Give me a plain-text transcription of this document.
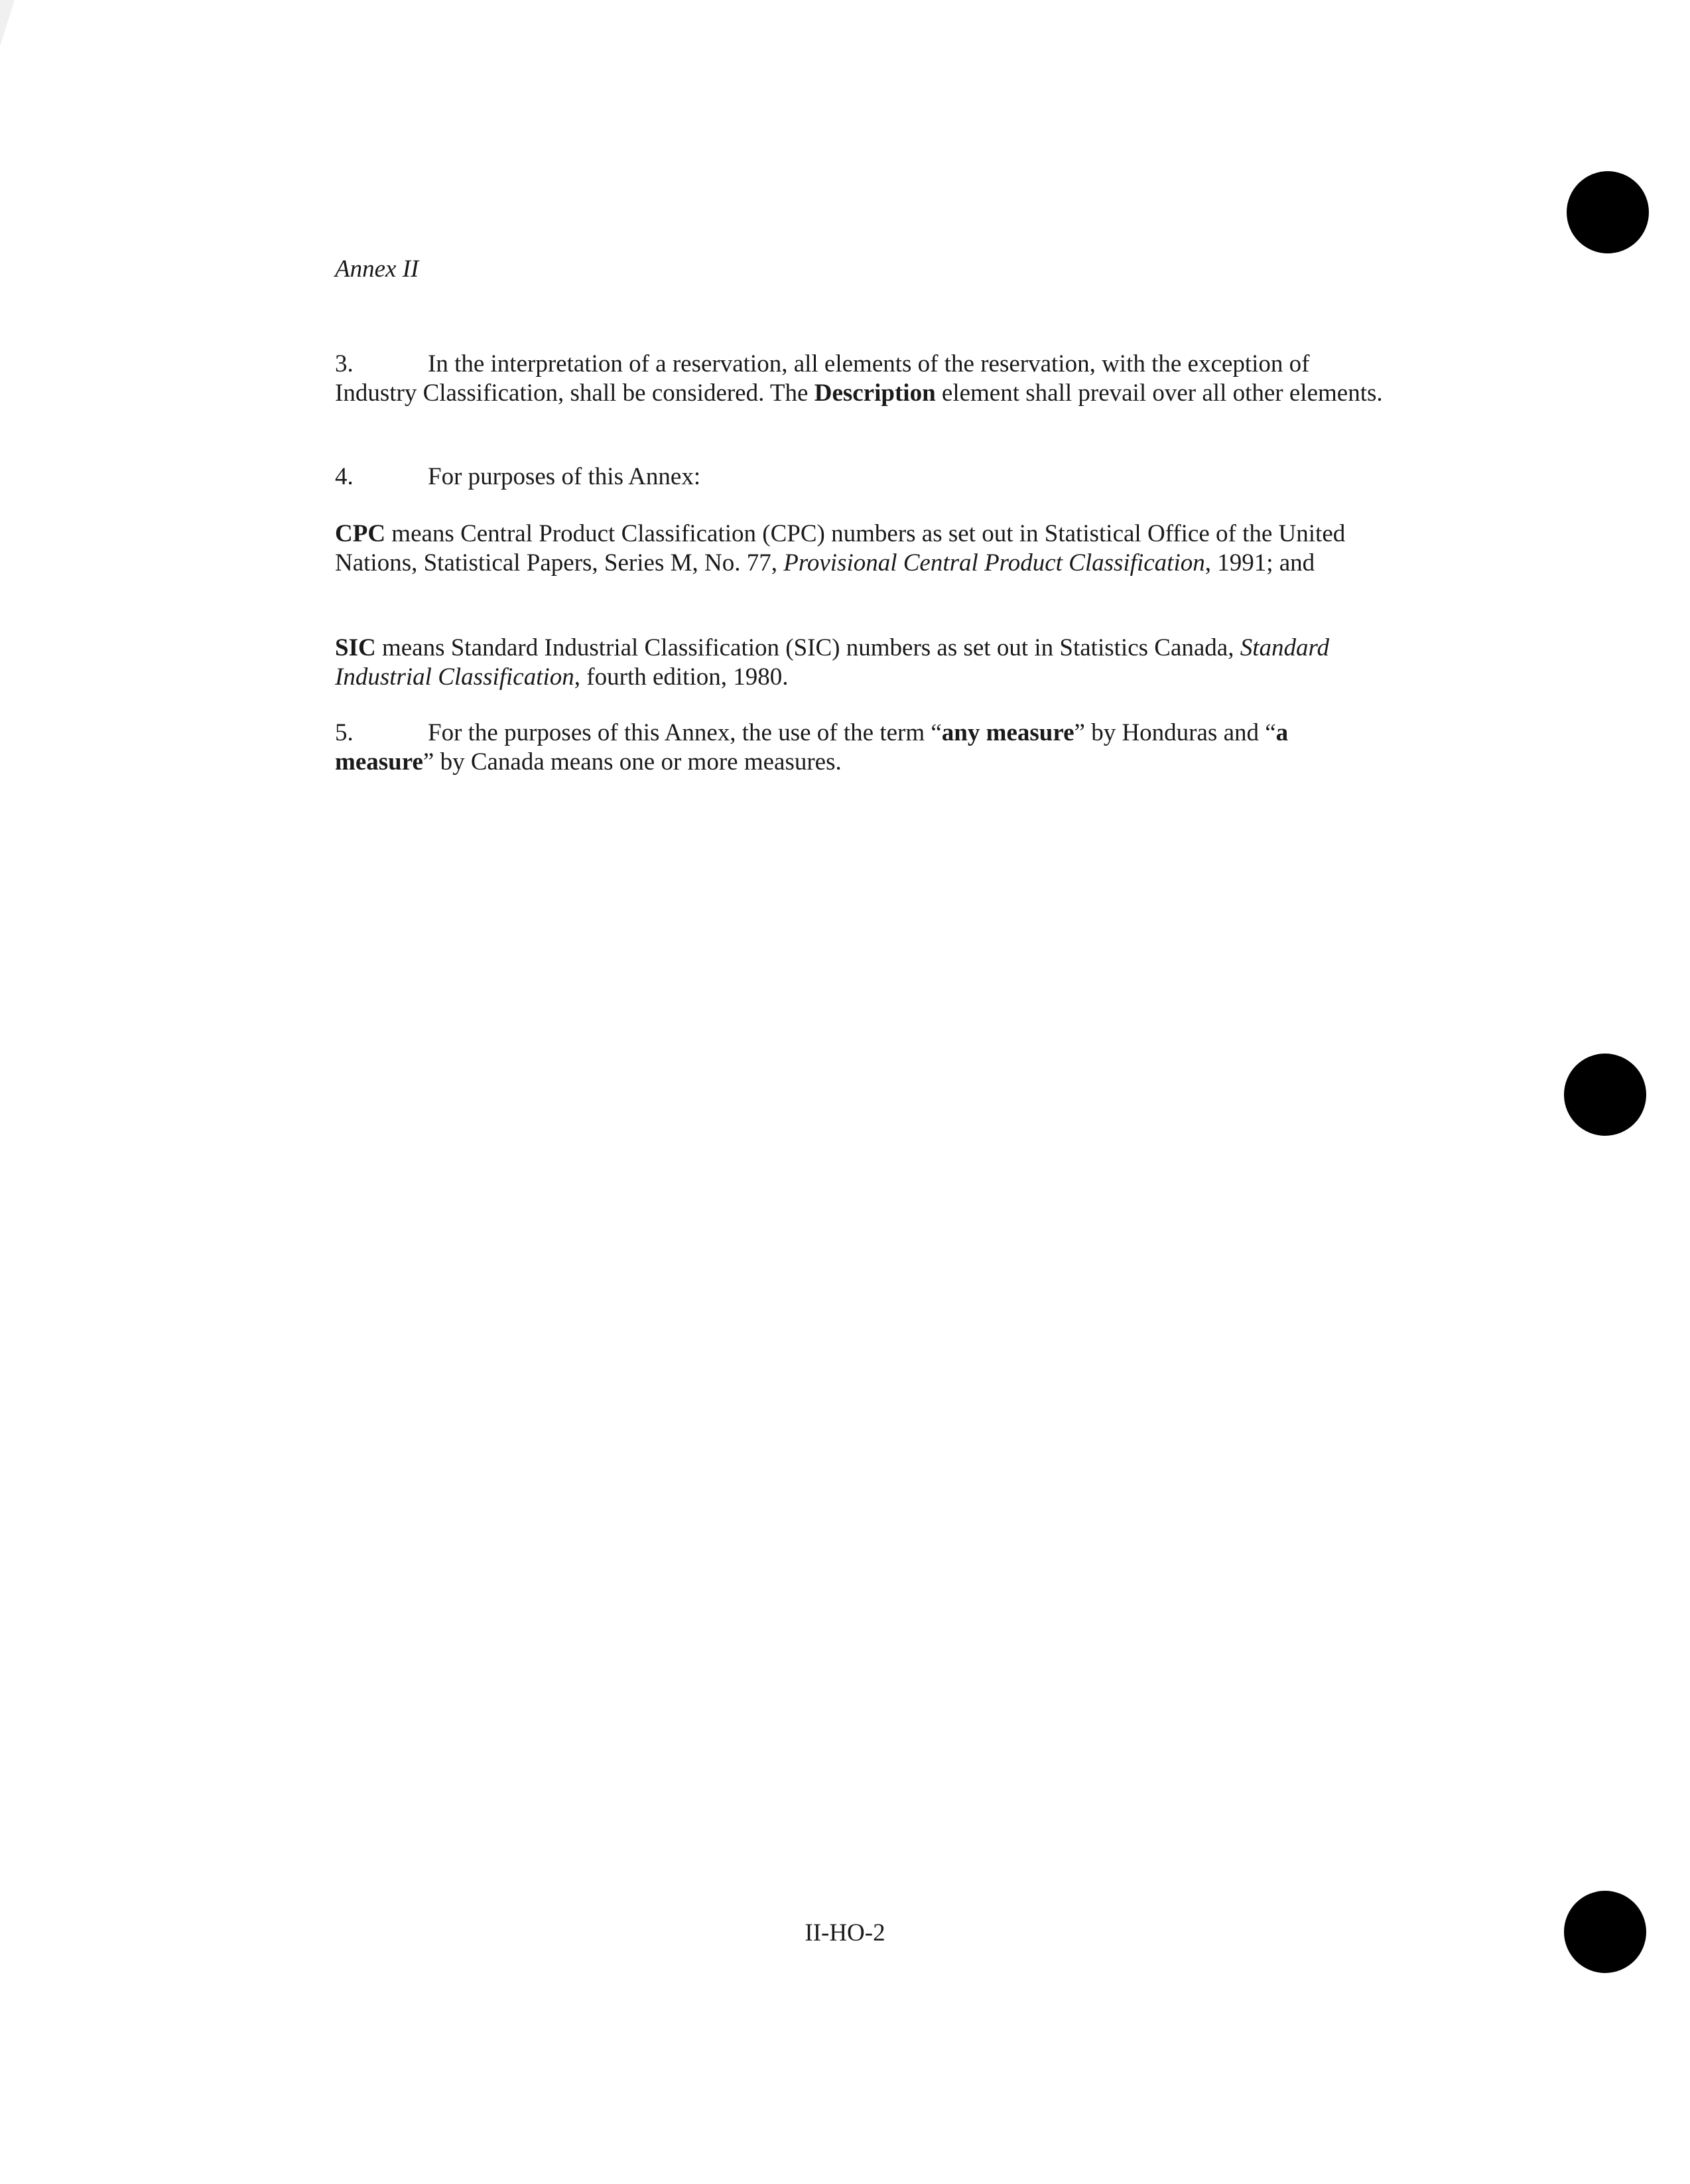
Annex II

3.	In the interpretation of a reservation, all elements of the reservation, with the exception of Industry Classification, shall be considered. The Description element shall prevail over all other elements.

4.	For purposes of this Annex:

CPC means Central Product Classification (CPC) numbers as set out in Statistical Office of the United Nations, Statistical Papers, Series M, No. 77, Provisional Central Product Classification, 1991; and

SIC means Standard Industrial Classification (SIC) numbers as set out in Statistics Canada, Standard Industrial Classification, fourth edition, 1980.

5.	For the purposes of this Annex, the use of the term “any measure” by Honduras and “a measure” by Canada means one or more measures.

II-HO-2
